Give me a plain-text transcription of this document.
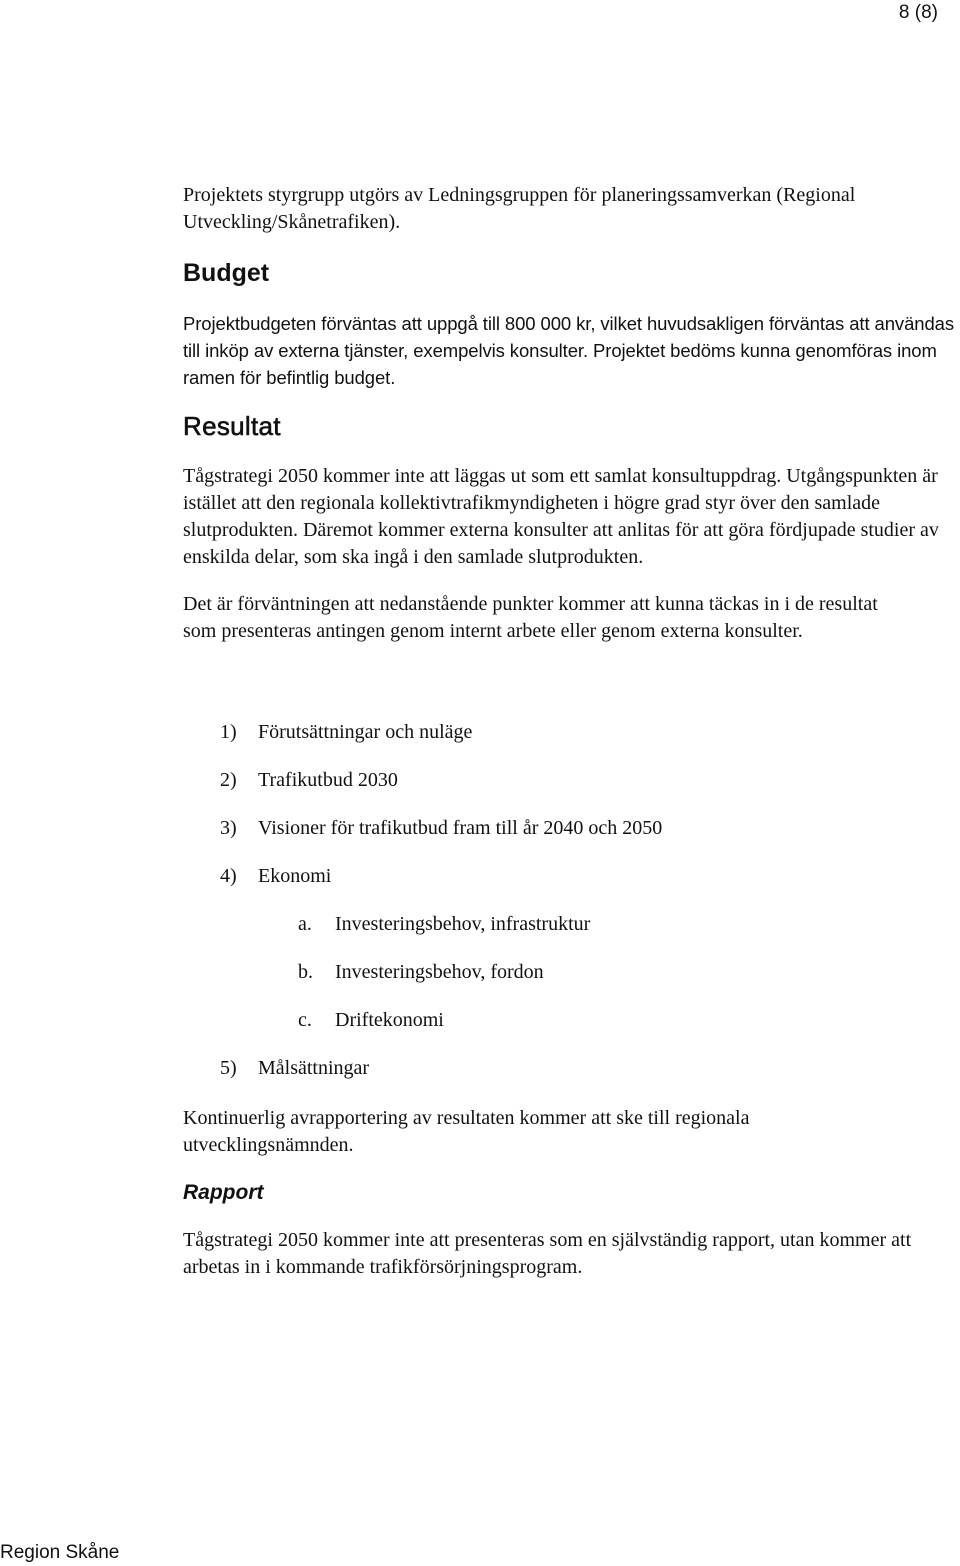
8 (8)

Projektets styrgrupp utgörs av Ledningsgruppen för planeringssamverkan (Regional Utveckling/Skånetrafiken).

Budget

Projektbudgeten förväntas att uppgå till 800 000 kr, vilket huvudsakligen förväntas att användas till inköp av externa tjänster, exempelvis konsulter. Projektet bedöms kunna genomföras inom ramen för befintlig budget.

Resultat

Tågstrategi 2050 kommer inte att läggas ut som ett samlat konsultuppdrag. Utgångspunkten är istället att den regionala kollektivtrafikmyndigheten i högre grad styr över den samlade slutprodukten. Däremot kommer externa konsulter att anlitas för att göra fördjupade studier av enskilda delar, som ska ingå i den samlade slutprodukten.

Det är förväntningen att nedanstående punkter kommer att kunna täckas in i de resultat som presenteras antingen genom internt arbete eller genom externa konsulter.

1) Förutsättningar och nuläge
2) Trafikutbud 2030
3) Visioner för trafikutbud fram till år 2040 och 2050
4) Ekonomi
a. Investeringsbehov, infrastruktur
b. Investeringsbehov, fordon
c. Driftekonomi
5) Målsättningar

Kontinuerlig avrapportering av resultaten kommer att ske till regionala utvecklingsnämnden.

Rapport

Tågstrategi 2050 kommer inte att presenteras som en självständig rapport, utan kommer att arbetas in i kommande trafikförsörjningsprogram.

Region Skåne
